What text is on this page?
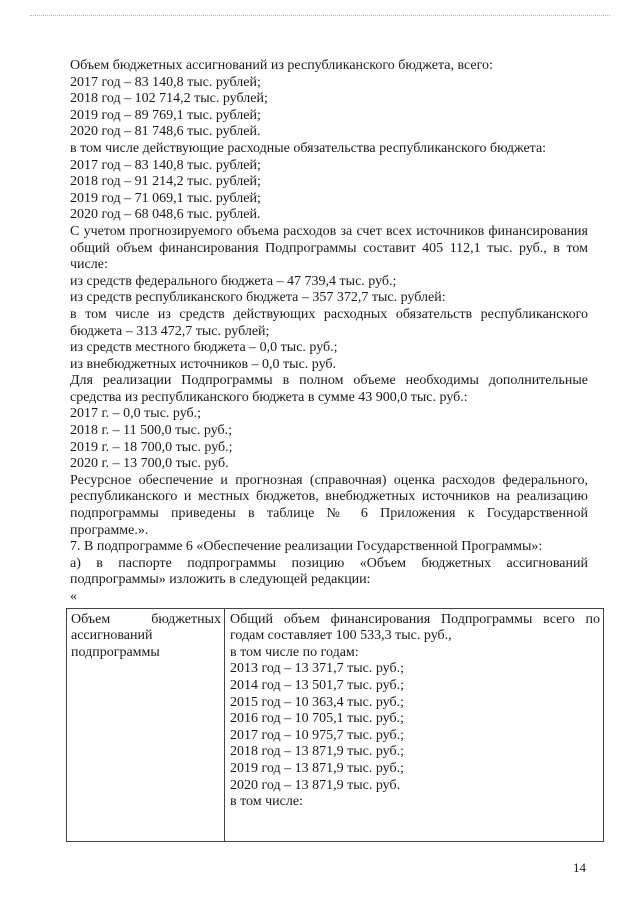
Объем бюджетных ассигнований из республиканского бюджета, всего:
2017 год – 83 140,8 тыс. рублей;
2018 год – 102 714,2 тыс. рублей;
2019 год – 89 769,1 тыс. рублей;
2020 год – 81 748,6 тыс. рублей.
в том числе действующие расходные обязательства республиканского бюджета:
2017 год – 83 140,8 тыс. рублей;
2018 год – 91 214,2 тыс. рублей;
2019 год – 71 069,1 тыс. рублей;
2020 год – 68 048,6 тыс. рублей.
С учетом прогнозируемого объема расходов за счет всех источников финансирования общий объем финансирования Подпрограммы составит 405 112,1 тыс. руб., в том числе:
из средств федерального бюджета – 47 739,4 тыс. руб.;
из средств республиканского бюджета – 357 372,7 тыс. рублей:
в том числе из средств действующих расходных обязательств республиканского бюджета – 313 472,7 тыс. рублей;
из средств местного бюджета – 0,0 тыс. руб.;
из внебюджетных источников – 0,0 тыс. руб.
Для реализации Подпрограммы в полном объеме необходимы дополнительные средства из республиканского бюджета в сумме 43 900,0 тыс. руб.:
2017 г. – 0,0 тыс. руб.;
2018 г. – 11 500,0 тыс. руб.;
2019 г. – 18 700,0 тыс. руб.;
2020 г. – 13 700,0 тыс. руб.
Ресурсное обеспечение и прогнозная (справочная) оценка расходов федерального, республиканского и местных бюджетов, внебюджетных источников на реализацию подпрограммы приведены в таблице № 6 Приложения к Государственной программе.».
7. В подпрограмме 6 «Обеспечение реализации Государственной Программы»:
а) в паспорте подпрограммы позицию «Объем бюджетных ассигнований подпрограммы» изложить в следующей редакции:
«
Объем бюджетных ассигнований подпрограммы
Общий объем финансирования Подпрограммы всего по годам составляет 100 533,3 тыс. руб.,
в том числе по годам:
2013 год – 13 371,7 тыс. руб.;
2014 год – 13 501,7 тыс. руб.;
2015 год – 10 363,4 тыс. руб.;
2016 год – 10 705,1 тыс. руб.;
2017 год – 10 975,7 тыс. руб.;
2018 год – 13 871,9 тыс. руб.;
2019 год – 13 871,9 тыс. руб.;
2020 год – 13 871,9 тыс. руб.
в том числе:
14
